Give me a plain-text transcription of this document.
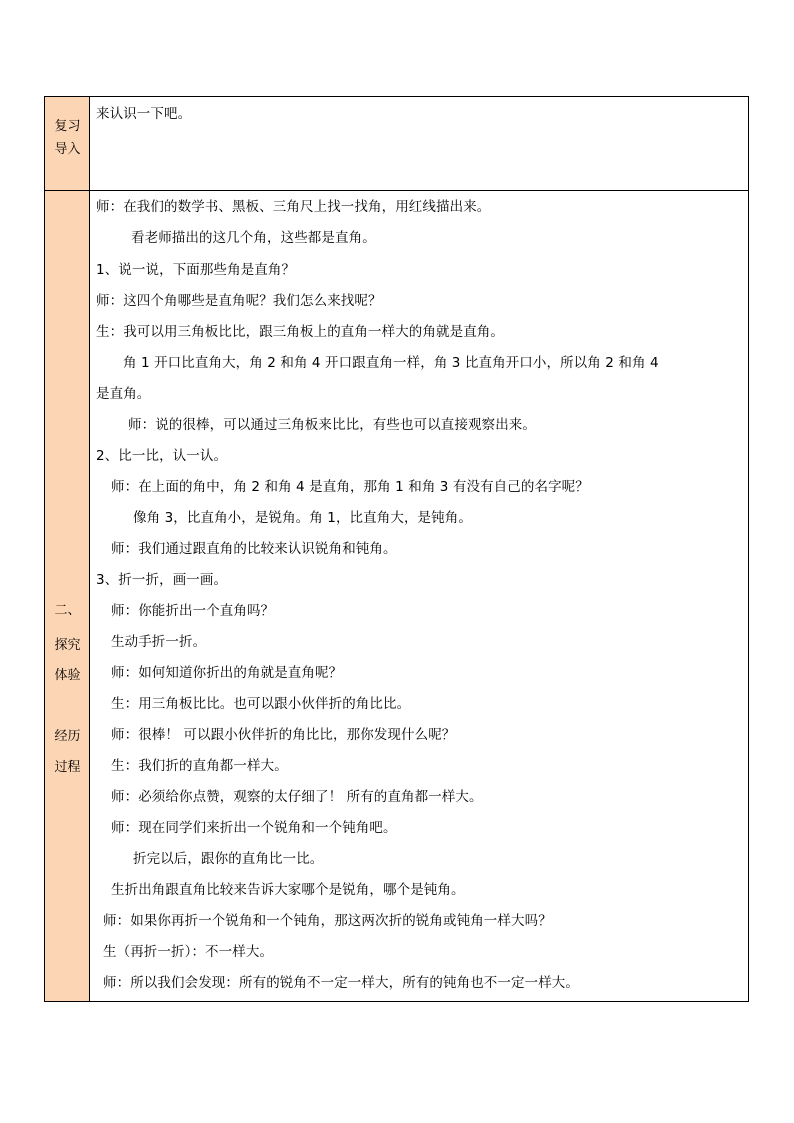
复习
导入
来认识一下吧。
二、
探究
体验
经历
过程
师：在我们的数学书、黑板、三角尺上找一找角，用红线描出来。
看老师描出的这几个角，这些都是直角。
1、说一说，下面那些角是直角？
师：这四个角哪些是直角呢？我们怎么来找呢？
生：我可以用三角板比比，跟三角板上的直角一样大的角就是直角。
角 1 开口比直角大，角 2 和角 4 开口跟直角一样，角 3 比直角开口小，所以角 2 和角 4
是直角。
师：说的很棒，可以通过三角板来比比，有些也可以直接观察出来。
2、比一比，认一认。
师：在上面的角中，角 2 和角 4 是直角，那角 1 和角 3 有没有自己的名字呢？
像角 3，比直角小，是锐角。角 1，比直角大，是钝角。
师：我们通过跟直角的比较来认识锐角和钝角。
3、折一折，画一画。
师：你能折出一个直角吗？
生动手折一折。
师：如何知道你折出的角就是直角呢？
生：用三角板比比。也可以跟小伙伴折的角比比。
师：很棒！ 可以跟小伙伴折的角比比，那你发现什么呢？
生：我们折的直角都一样大。
师：必须给你点赞，观察的太仔细了！ 所有的直角都一样大。
师：现在同学们来折出一个锐角和一个钝角吧。
折完以后，跟你的直角比一比。
生折出角跟直角比较来告诉大家哪个是锐角，哪个是钝角。
师：如果你再折一个锐角和一个钝角，那这两次折的锐角或钝角一样大吗？
生（再折一折）：不一样大。
师：所以我们会发现：所有的锐角不一定一样大，所有的钝角也不一定一样大。
